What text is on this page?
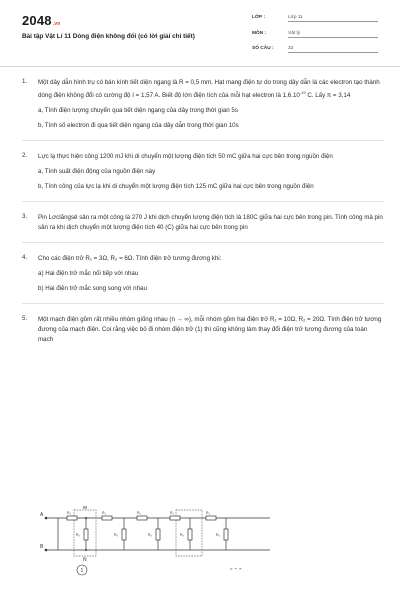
2048.vn
Bài tập Vật Lí 11 Dòng điện không đổi (có lời giải chi tiết)
LỚP :	Lớp 11
MÔN :	Vật lý
SỐ CÂU :	32
1. Một dây dẫn hình trụ có bán kính tiết diện ngang là R = 0,5 mm. Hạt mang điện tự do trong dây dẫn là các electron tạo thành dòng điện không đổi có cường độ I = 1,57 A. Biết độ lớn điện tích của mỗi hạt electron là $1,6.10^{-19}$ C. Lấy π = 3,14
a, Tính điện lượng chuyển qua tiết diện ngang của dây trong thời gian 5s
b, Tính số electron đi qua tiết diện ngang của dây dẫn trong thời gian 10s
2. Lực lạ thực hiện công 1200 mJ khi di chuyển một lượng điện tích 50 mC giữa hai cực bên trong nguồn điện
a, Tính suất điện động của nguồn điện này
b, Tính công của lực lạ khi di chuyển một lượng điện tích 125 mC giữa hai cực bên trong nguồn điện
3. Pin Lơclăngsê sản ra một công là 270 J khi dịch chuyển lượng điện tích là 180C giữa hai cực bên trong pin. Tính công mà pin sản ra khi dịch chuyển một lượng điện tích 40 (C) giữa hai cực bên trong pin
4. Cho các điện trở R₁ = 3Ω, R₂ = 6Ω. Tính điện trở tương đương khi:
a) Hai điện trở mắc nối tiếp với nhau
b) Hai điện trở mắc song song với nhau
5. Một mạch điện gồm rất nhiều nhóm giống nhau (n → ∞), mỗi nhóm gồm hai điện trở R₁ = 10Ω, R₂ = 20Ω. Tính điện trở tương đương của mạch điện. Coi rằng việc bỏ đi nhóm điện trở (1) thì cũng không làm thay đổi điện trở tương đương của toàn mạch
A
B
M
N
R₁	R₁	R₁	R₁	R₁
R₂	R₂	R₂	R₂	R₂
1	n → ∞
